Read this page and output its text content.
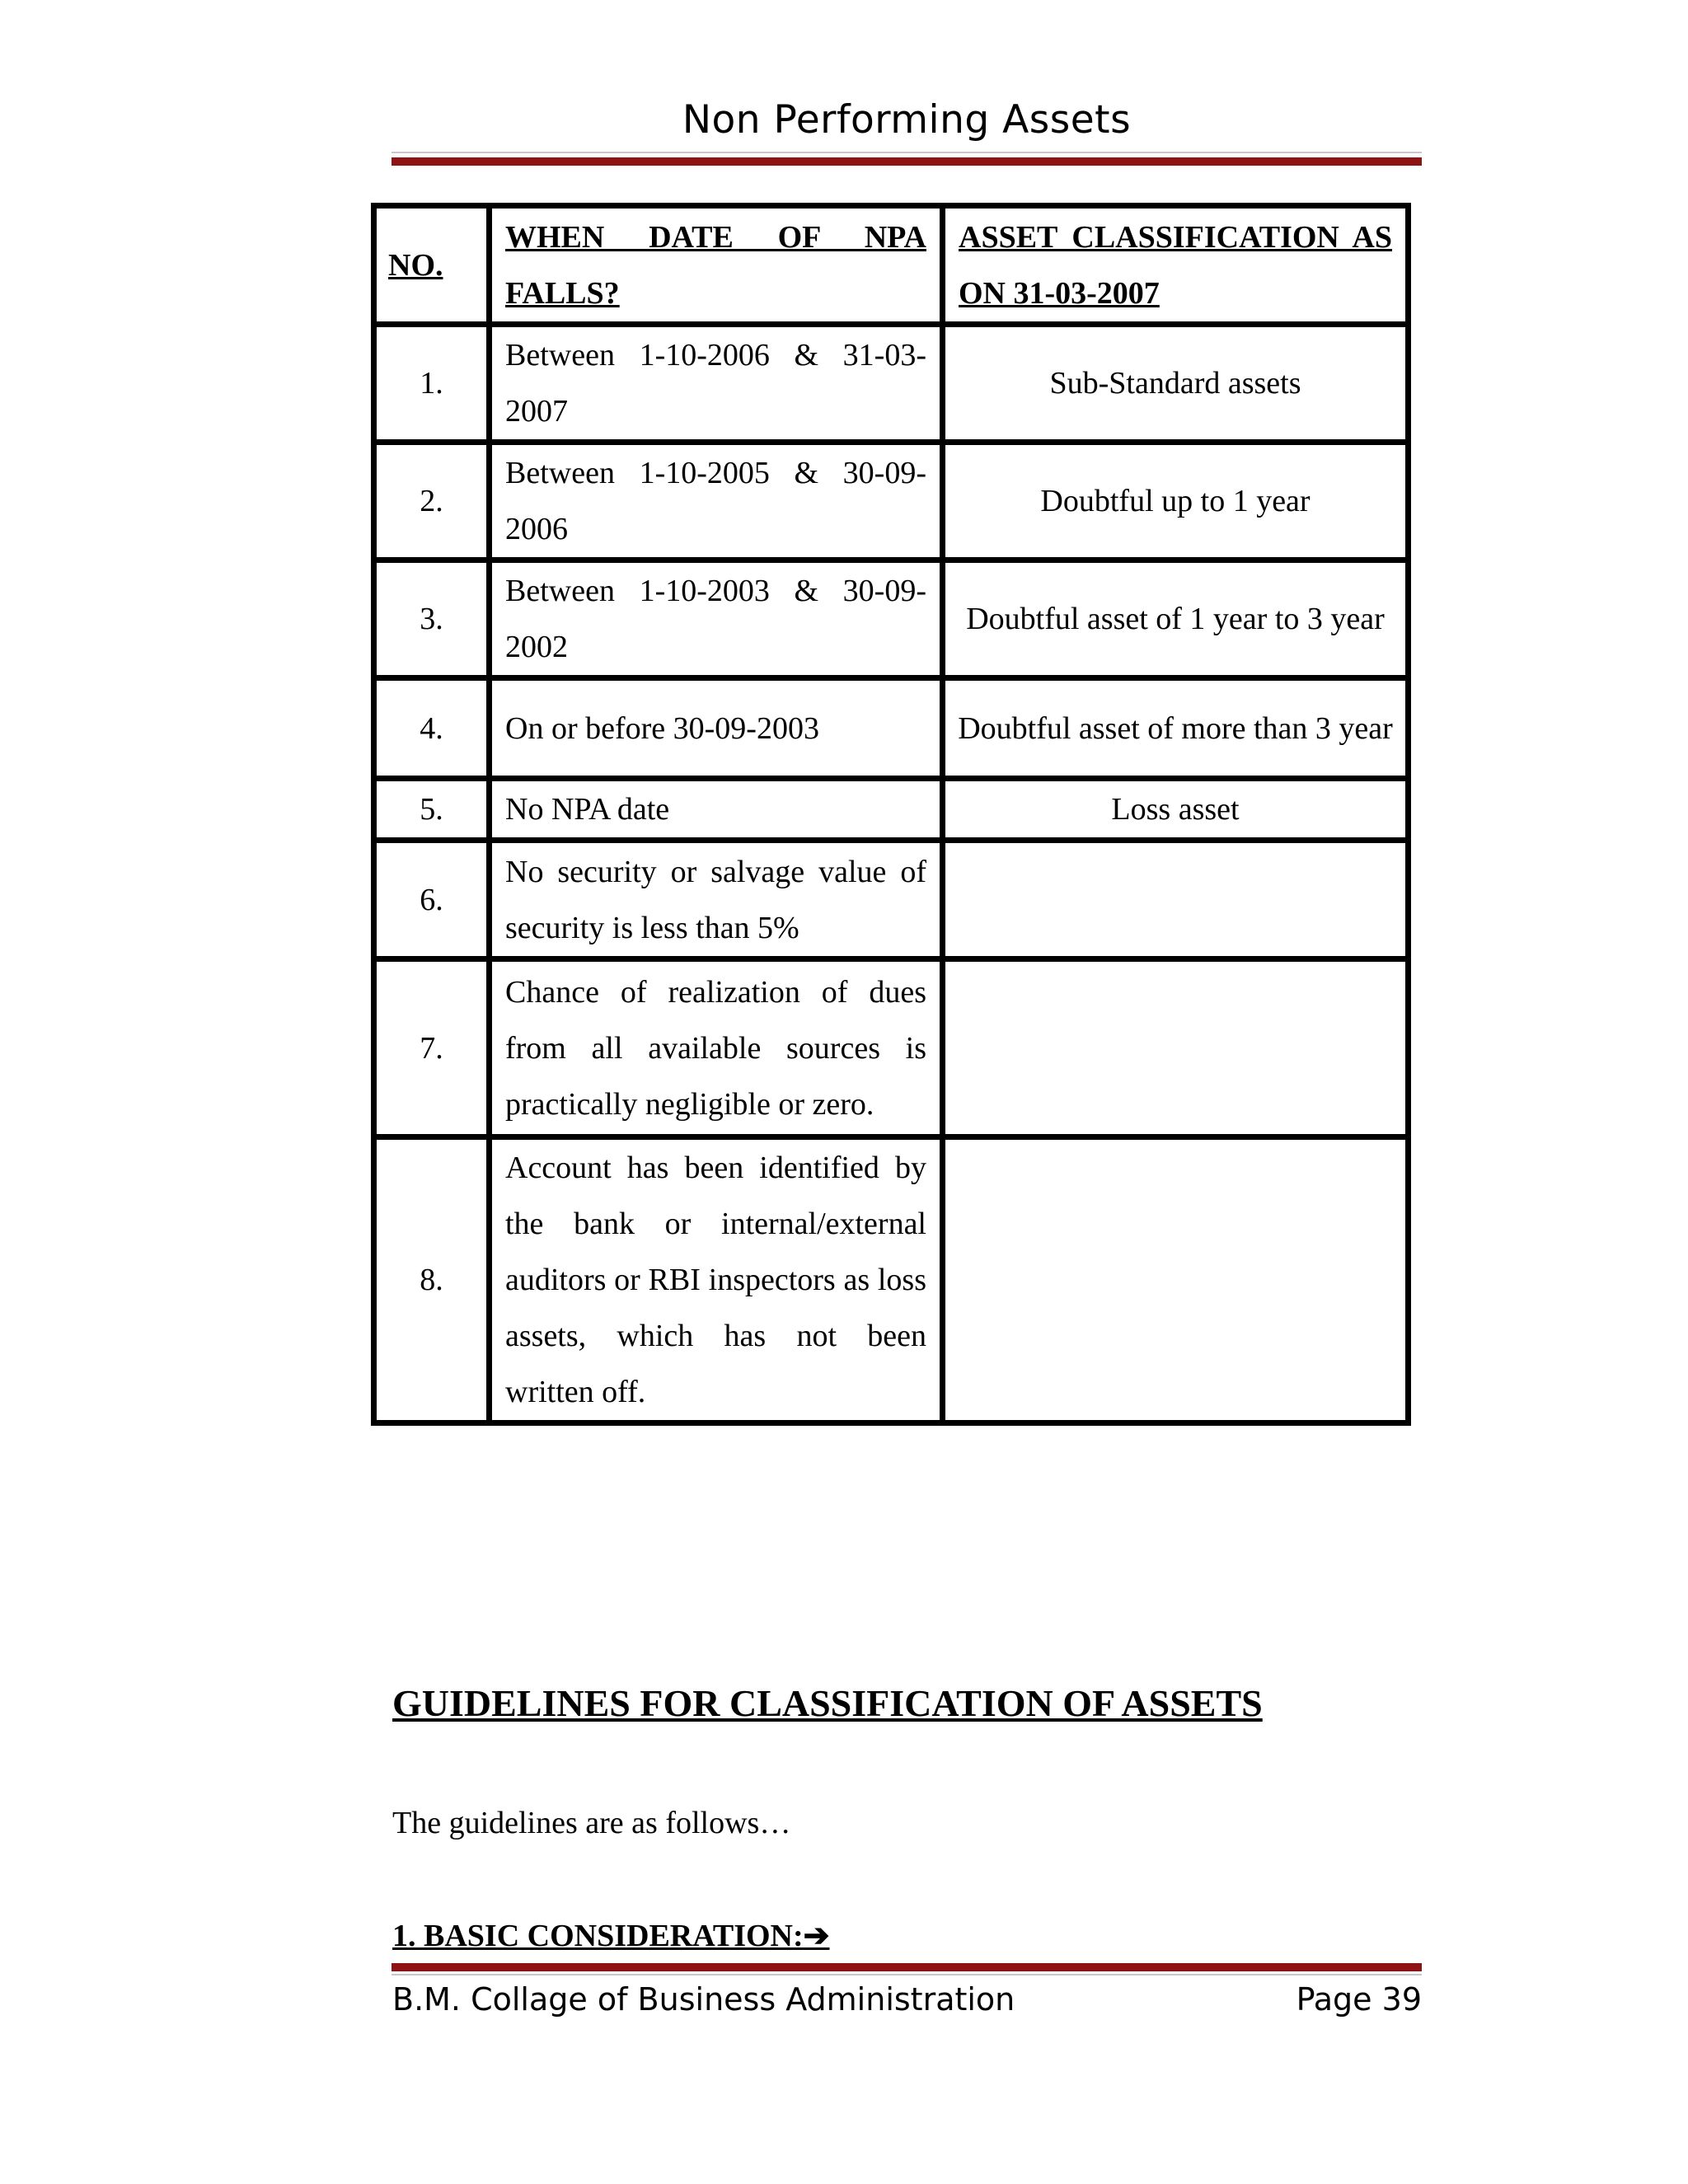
Non Performing Assets
NO.	WHEN DATE OF NPA FALLS?	ASSET CLASSIFICATION AS ON 31-03-2007
1.	Between 1-10-2006 & 31-03-2007	Sub-Standard assets
2.	Between 1-10-2005 & 30-09-2006	Doubtful up to 1 year
3.	Between 1-10-2003 & 30-09-2002	Doubtful asset of 1 year to 3 year
4.	On or before 30-09-2003	Doubtful asset of more than 3 year
5.	No NPA date	Loss asset
6.	No security or salvage value of security is less than 5%	
7.	Chance of realization of dues from all available sources is practically negligible or zero.	
8.	Account has been identified by the bank or internal/external auditors or RBI inspectors as loss assets, which has not been written off.	
GUIDELINES FOR CLASSIFICATION OF ASSETS
The guidelines are as follows…
1. BASIC CONSIDERATION:➔
B.M. Collage of Business Administration	Page 39
